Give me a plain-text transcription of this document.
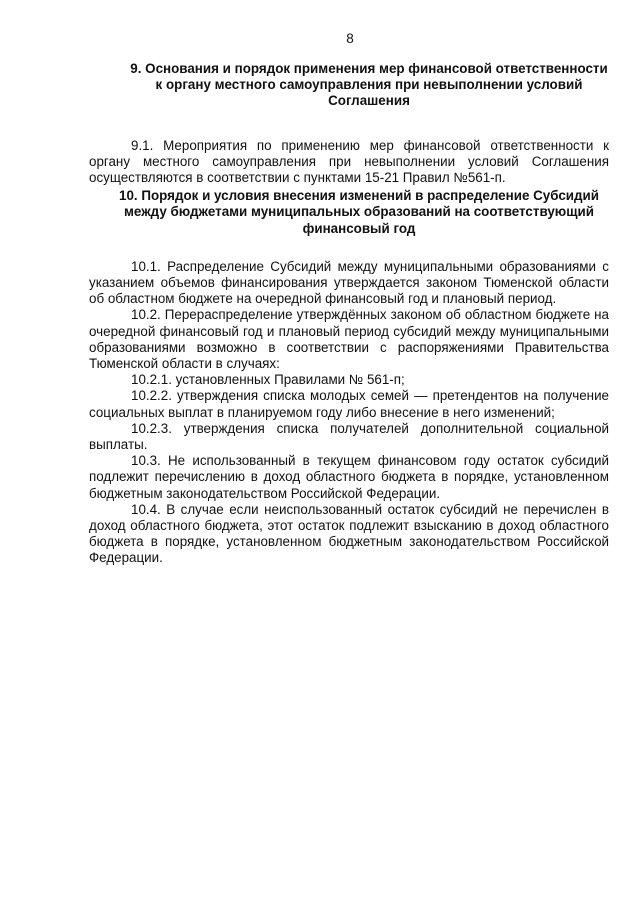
8

9. Основания и порядок применения мер финансовой ответственности к органу местного самоуправления при невыполнении условий Соглашения

9.1. Мероприятия по применению мер финансовой ответственности к органу местного самоуправления при невыполнении условий Соглашения осуществляются в соответствии с пунктами 15-21 Правил №561-п.

10. Порядок и условия внесения изменений в распределение Субсидий между бюджетами муниципальных образований на соответствующий финансовый год

10.1. Распределение Субсидий между муниципальными образованиями с указанием объемов финансирования утверждается законом Тюменской области об областном бюджете на очередной финансовый год и плановый период.

10.2. Перераспределение утверждённых законом об областном бюджете на очередной финансовый год и плановый период субсидий между муниципальными образованиями возможно в соответствии с распоряжениями Правительства Тюменской области в случаях:

10.2.1. установленных Правилами № 561-п;

10.2.2. утверждения списка молодых семей — претендентов на получение социальных выплат в планируемом году либо внесение в него изменений;

10.2.3. утверждения списка получателей дополнительной социальной выплаты.

10.3. Не использованный в текущем финансовом году остаток субсидий подлежит перечислению в доход областного бюджета в порядке, установленном бюджетным законодательством Российской Федерации.

10.4. В случае если неиспользованный остаток субсидий не перечислен в доход областного бюджета, этот остаток подлежит взысканию в доход областного бюджета в порядке, установленном бюджетным законодательством Российской Федерации.
